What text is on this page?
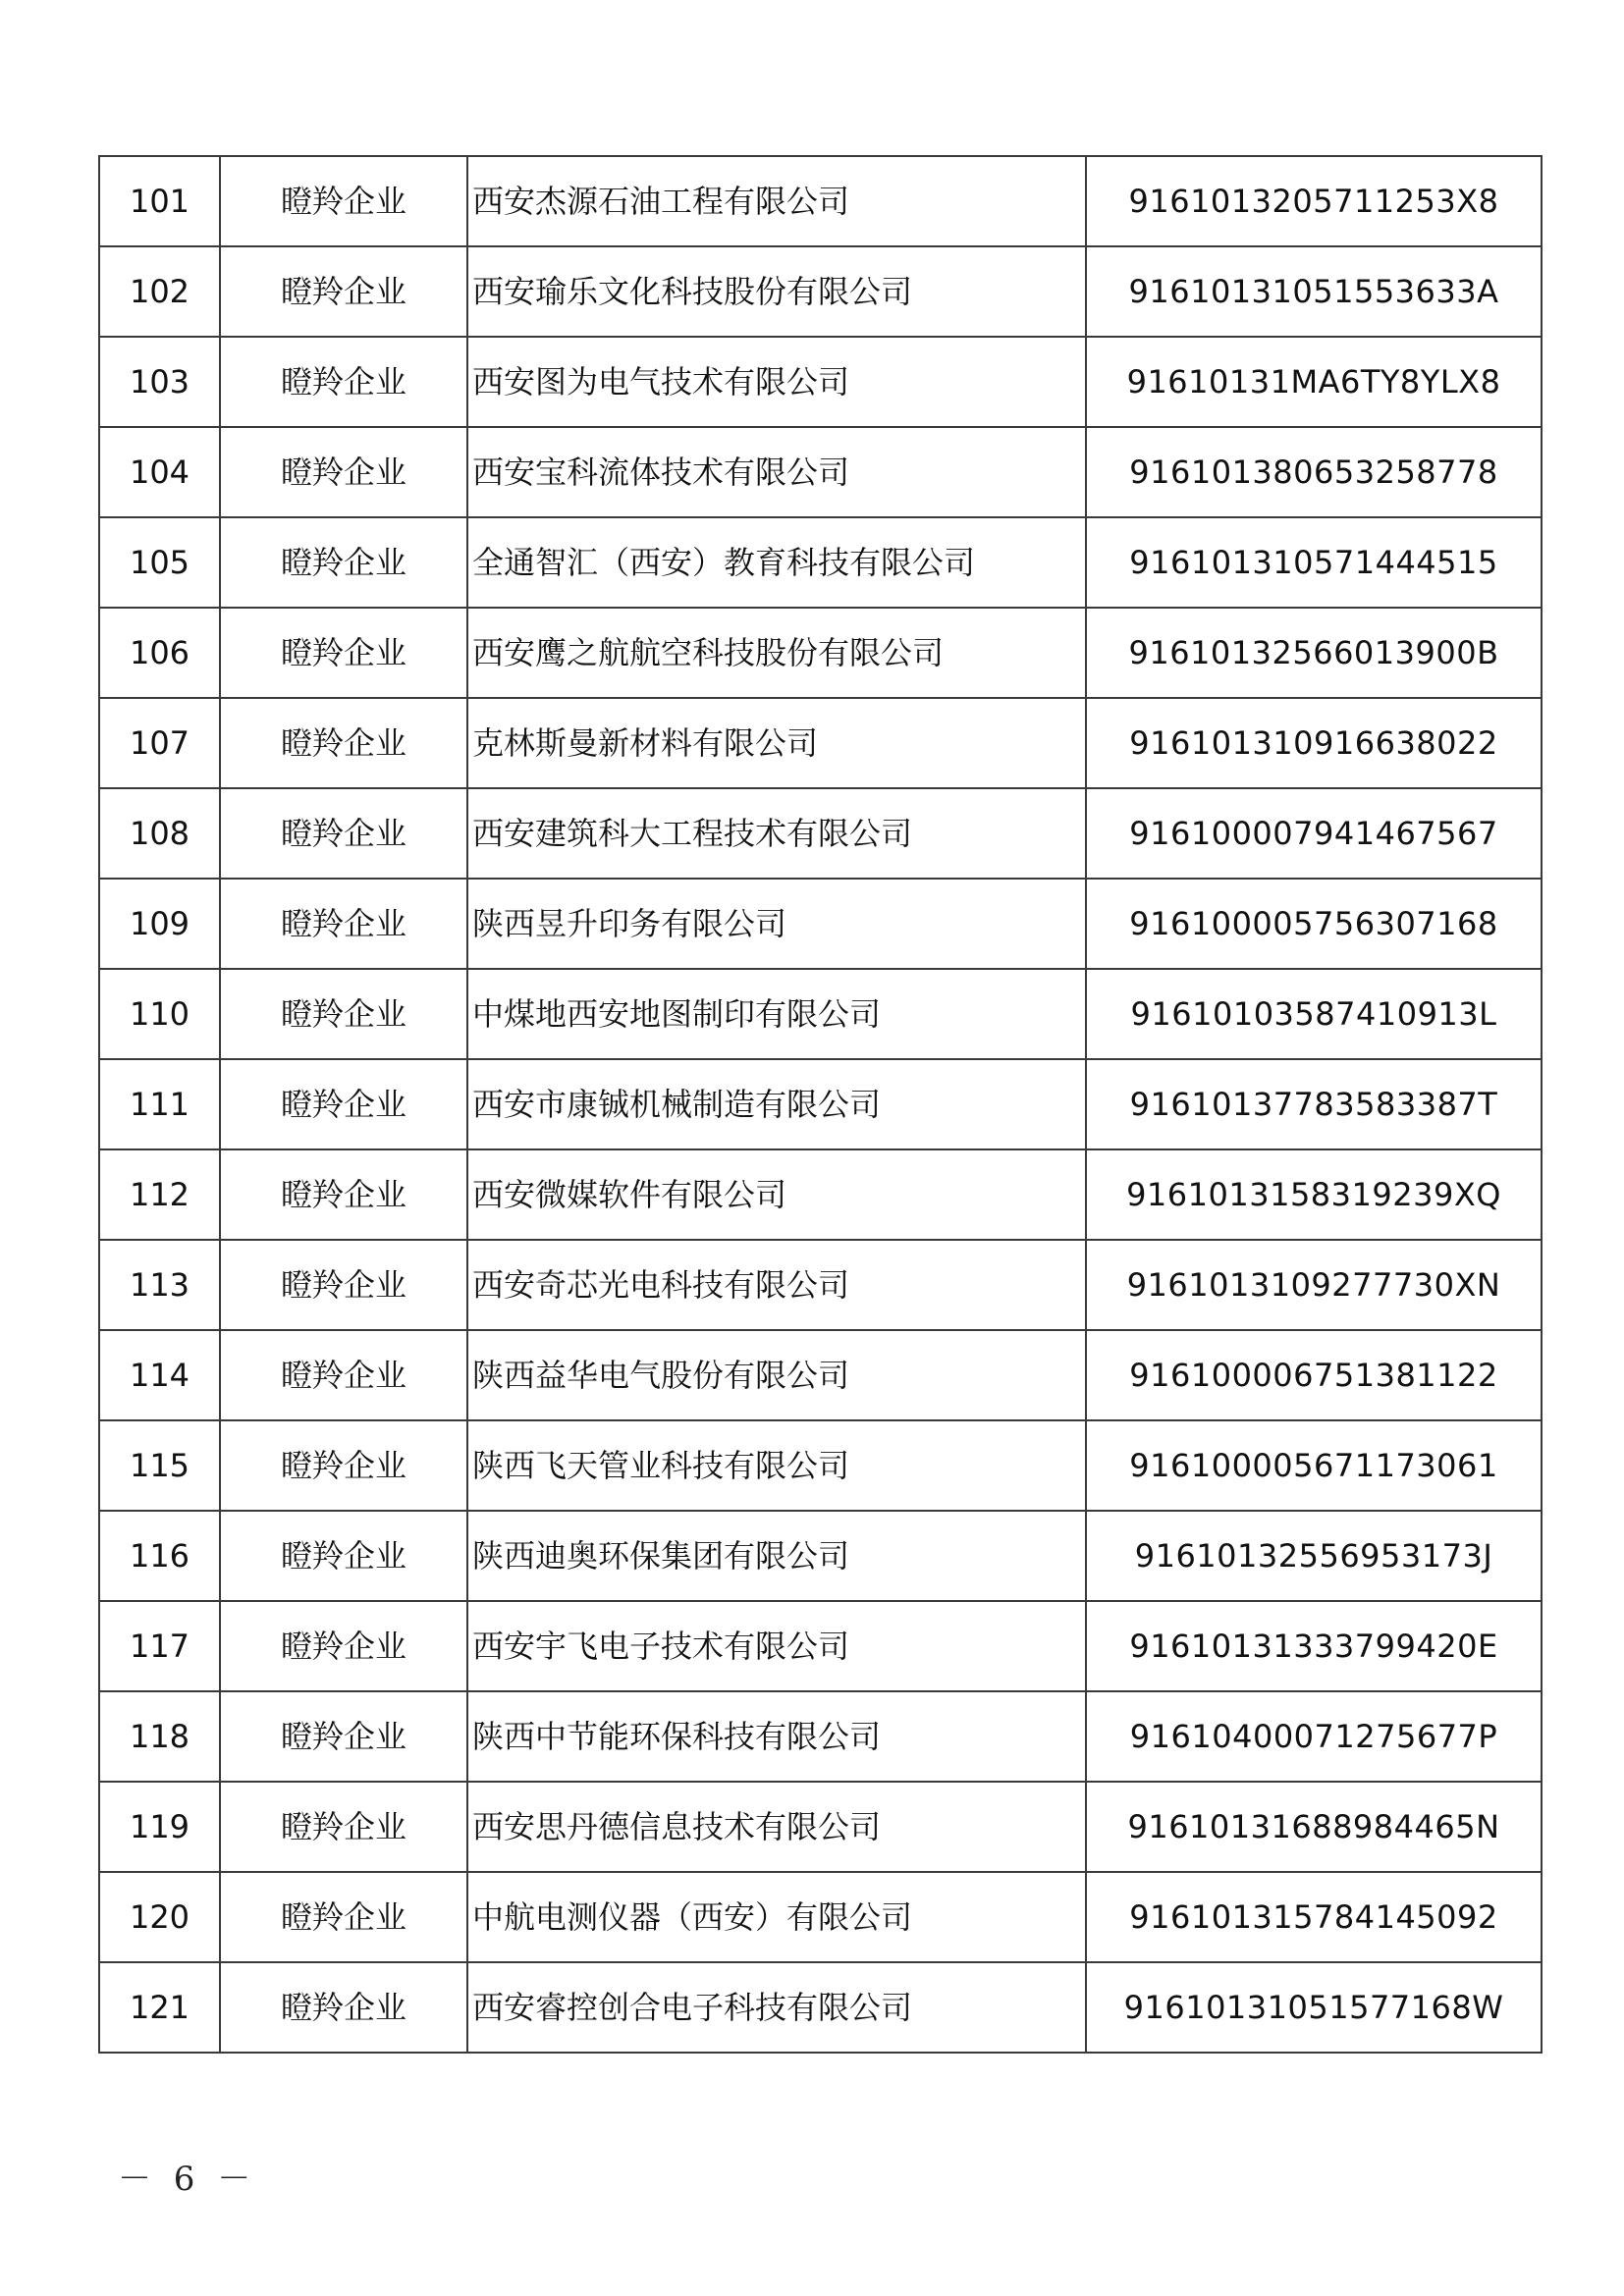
101	瞪羚企业	西安杰源石油工程有限公司	9161013205711253X8
102	瞪羚企业	西安瑜乐文化科技股份有限公司	91610131051553633A
103	瞪羚企业	西安图为电气技术有限公司	91610131MA6TY8YLX8
104	瞪羚企业	西安宝科流体技术有限公司	916101380653258778
105	瞪羚企业	全通智汇（西安）教育科技有限公司	916101310571444515
106	瞪羚企业	西安鹰之航航空科技股份有限公司	91610132566013900B
107	瞪羚企业	克林斯曼新材料有限公司	916101310916638022
108	瞪羚企业	西安建筑科大工程技术有限公司	916100007941467567
109	瞪羚企业	陕西昱升印务有限公司	916100005756307168
110	瞪羚企业	中煤地西安地图制印有限公司	91610103587410913L
111	瞪羚企业	西安市康铖机械制造有限公司	91610137783583387T
112	瞪羚企业	西安微媒软件有限公司	9161013158319239XQ
113	瞪羚企业	西安奇芯光电科技有限公司	9161013109277730XN
114	瞪羚企业	陕西益华电气股份有限公司	916100006751381122
115	瞪羚企业	陕西飞天管业科技有限公司	916100005671173061
116	瞪羚企业	陕西迪奥环保集团有限公司	91610132556953173J
117	瞪羚企业	西安宇飞电子技术有限公司	91610131333799420E
118	瞪羚企业	陕西中节能环保科技有限公司	91610400071275677P
119	瞪羚企业	西安思丹德信息技术有限公司	91610131688984465N
120	瞪羚企业	中航电测仪器（西安）有限公司	916101315784145092
121	瞪羚企业	西安睿控创合电子科技有限公司	91610131051577168W
－ 6 －
